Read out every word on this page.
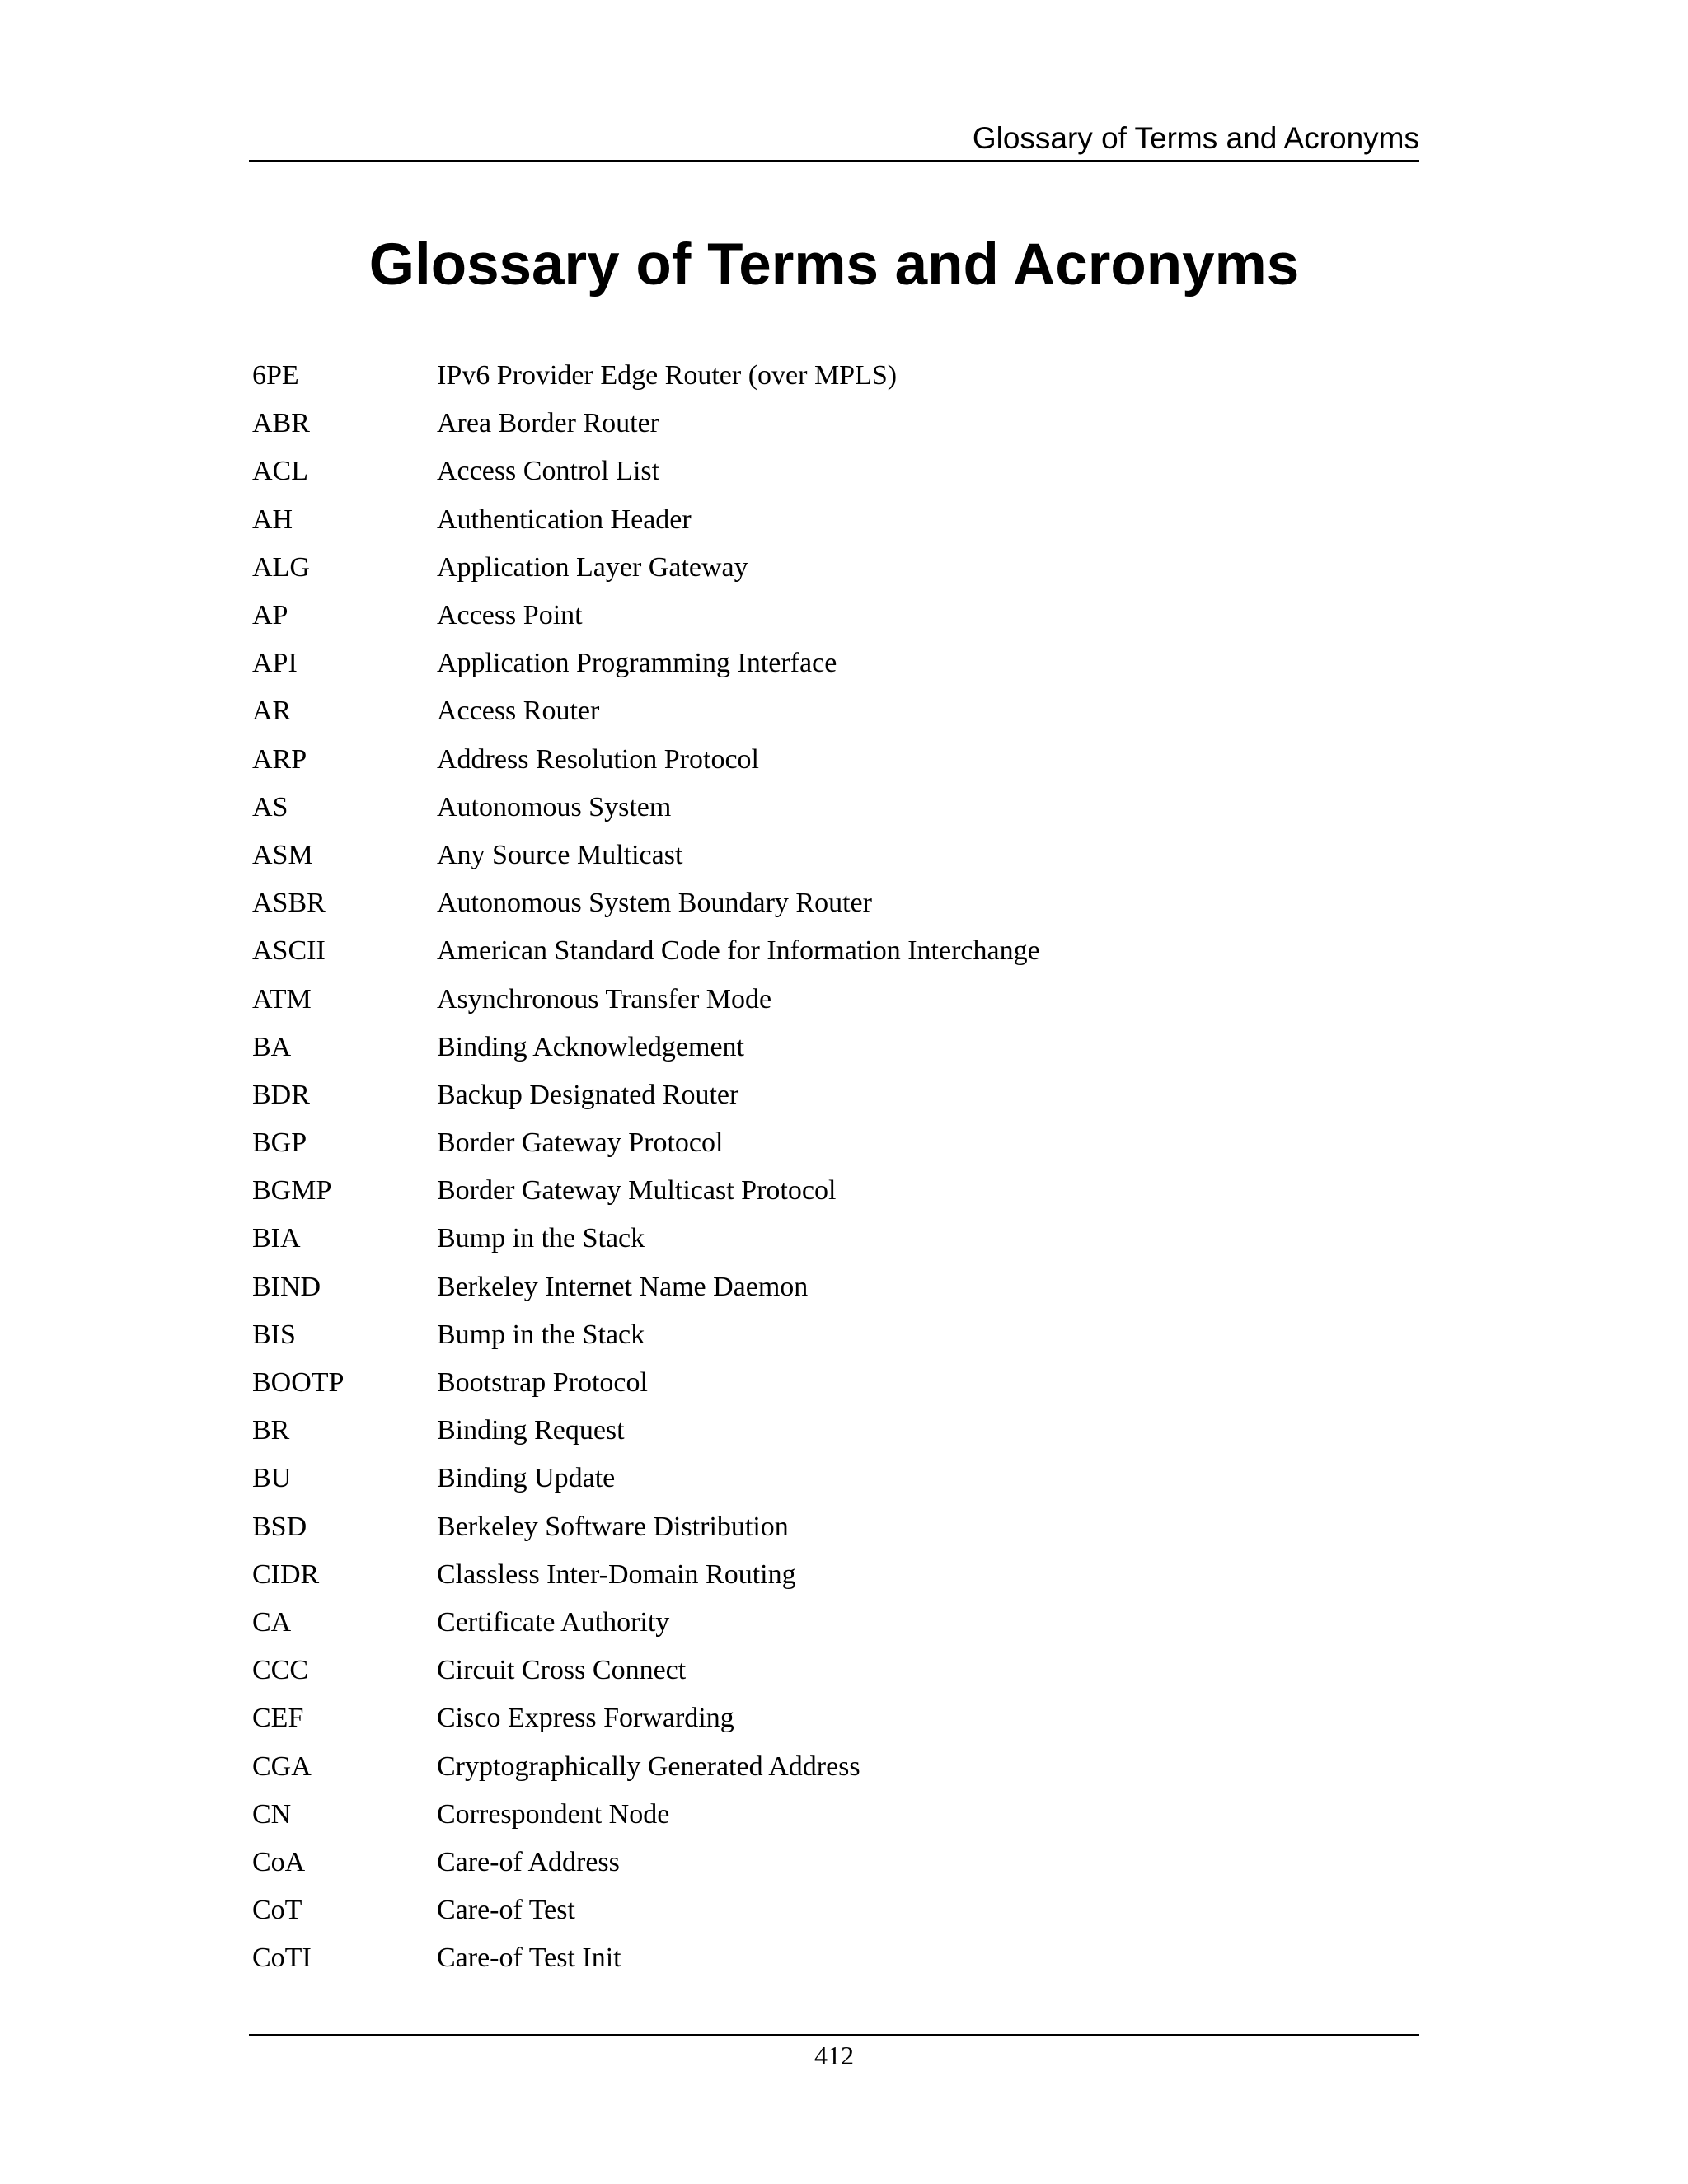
Glossary of Terms and Acronyms
Glossary of Terms and Acronyms
6PE	IPv6 Provider Edge Router (over MPLS)
ABR	Area Border Router
ACL	Access Control List
AH	Authentication Header
ALG	Application Layer Gateway
AP	Access Point
API	Application Programming Interface
AR	Access Router
ARP	Address Resolution Protocol
AS	Autonomous System
ASM	Any Source Multicast
ASBR	Autonomous System Boundary Router
ASCII	American Standard Code for Information Interchange
ATM	Asynchronous Transfer Mode
BA	Binding Acknowledgement
BDR	Backup Designated Router
BGP	Border Gateway Protocol
BGMP	Border Gateway Multicast Protocol
BIA	Bump in the Stack
BIND	Berkeley Internet Name Daemon
BIS	Bump in the Stack
BOOTP	Bootstrap Protocol
BR	Binding Request
BU	Binding Update
BSD	Berkeley Software Distribution
CIDR	Classless Inter-Domain Routing
CA	Certificate Authority
CCC	Circuit Cross Connect
CEF	Cisco Express Forwarding
CGA	Cryptographically Generated Address
CN	Correspondent Node
CoA	Care-of Address
CoT	Care-of Test
CoTI	Care-of Test Init
412
